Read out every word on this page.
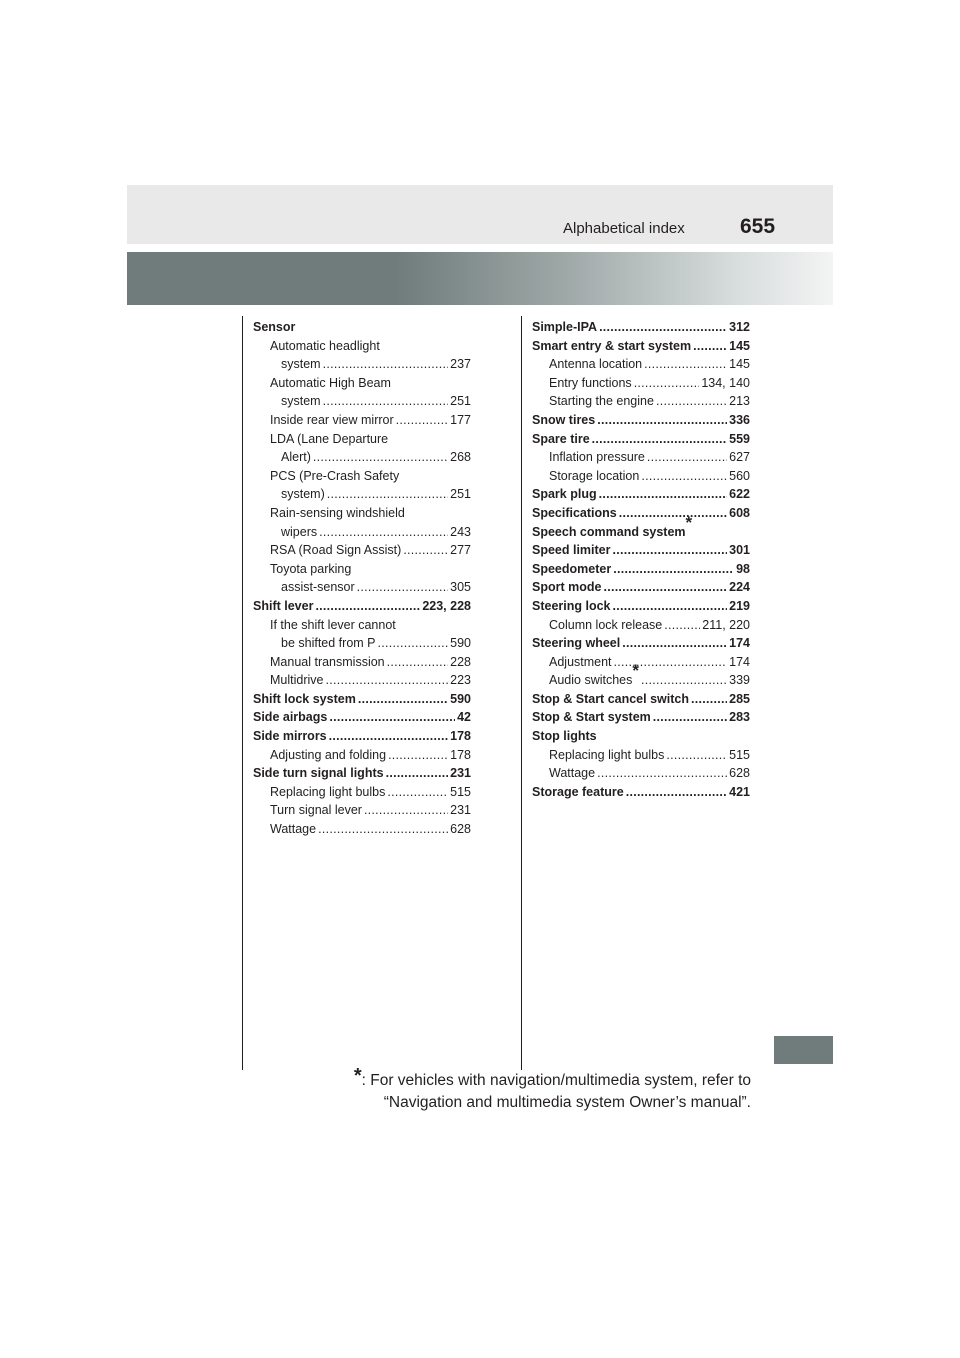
Alphabetical index	655
Sensor
Automatic headlight
system . . .	237
Automatic High Beam
system . . .	251
Inside rear view mirror . . .	177
LDA (Lane Departure
Alert) . . .	268
PCS (Pre-Crash Safety
system) . . .	251
Rain-sensing windshield
wipers . . .	243
RSA (Road Sign Assist) . . .	277
Toyota parking
assist-sensor . . .	305
Shift lever . . .	223, 228
If the shift lever cannot
be shifted from P . . .	590
Manual transmission . . .	228
Multidrive . . .	223
Shift lock system . . .	590
Side airbags . . .	42
Side mirrors . . .	178
Adjusting and folding . . .	178
Side turn signal lights . . .	231
Replacing light bulbs . . .	515
Turn signal lever . . .	231
Wattage . . .	628
Simple-IPA . . .	312
Smart entry & start system . . .	145
Antenna location . . .	145
Entry functions . . .	134, 140
Starting the engine . . .	213
Snow tires . . .	336
Spare tire . . .	559
Inflation pressure . . .	627
Storage location . . .	560
Spark plug . . .	622
Specifications . . .	608
Speech command system *
Speed limiter . . .	301
Speedometer . . .	98
Sport mode . . .	224
Steering lock . . .	219
Column lock release . . .	211, 220
Steering wheel . . .	174
Adjustment . . .	174
Audio switches * . . .	339
Stop & Start cancel switch . . .	285
Stop & Start system . . .	283
Stop lights
Replacing light bulbs . . .	515
Wattage . . .	628
Storage feature . . .	421
*: For vehicles with navigation/multimedia system, refer to
“Navigation and multimedia system Owner’s manual”.
